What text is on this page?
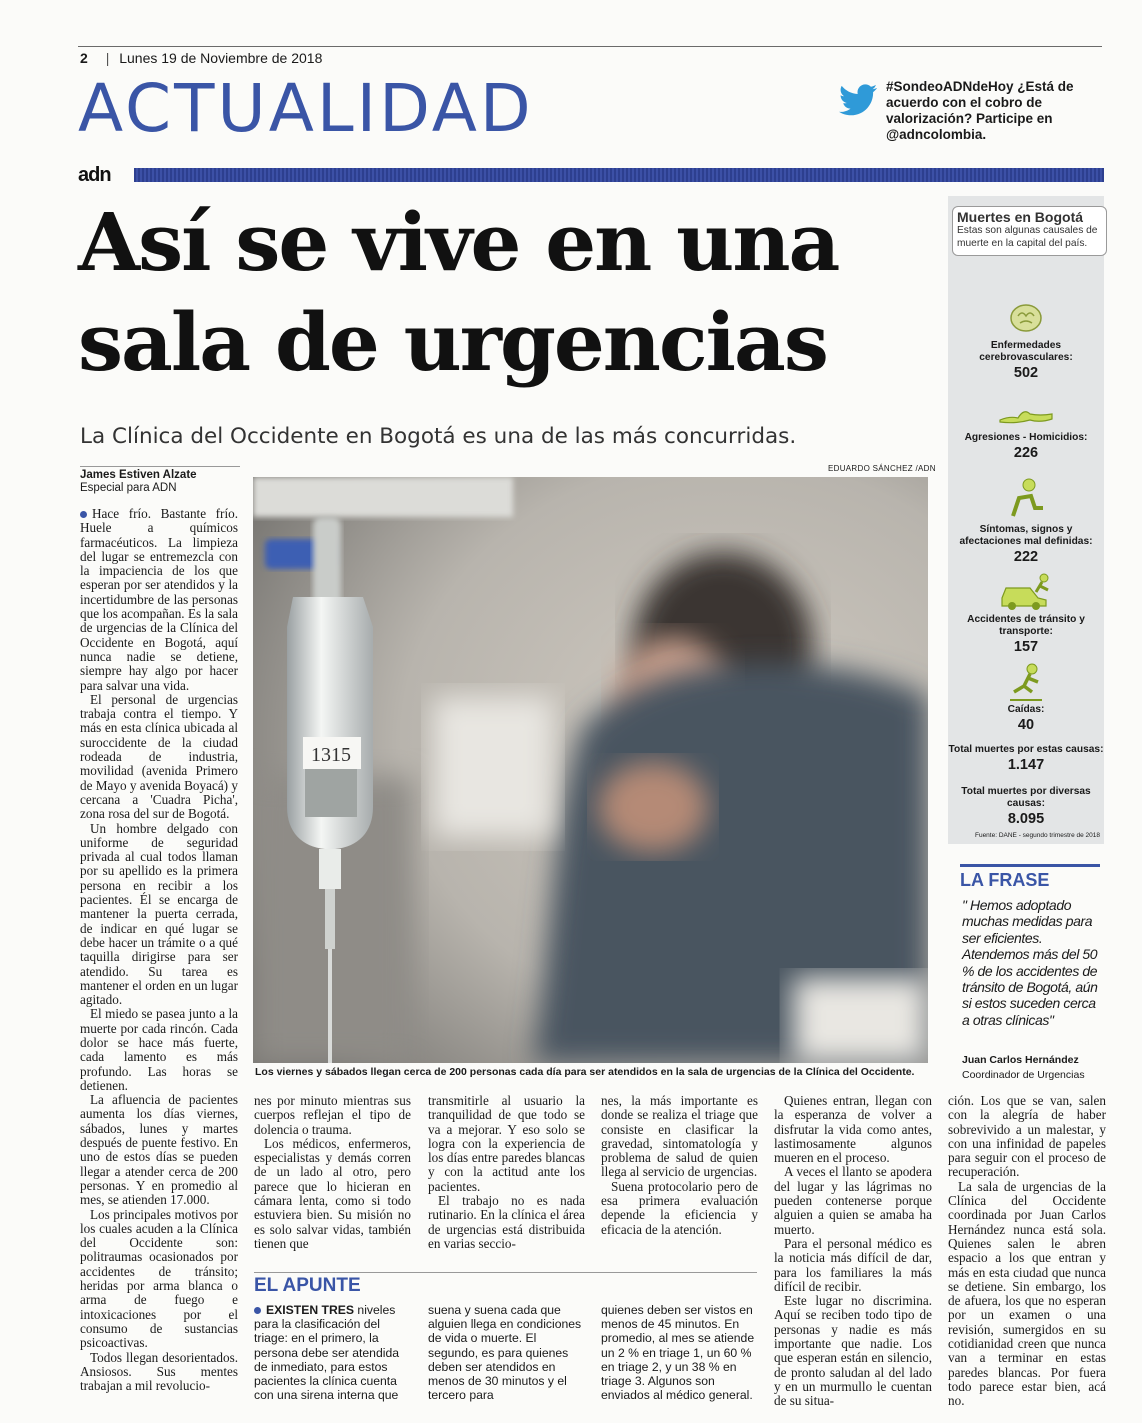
2 | Lunes 19 de Noviembre de 2018
ACTUALIDAD	#SondeoADNdeHoy ¿Está de acuerdo con el cobro de valorización? Participe en @adncolombia.
adn
Así se vive en una
sala de urgencias
La Clínica del Occidente en Bogotá es una de las más concurridas.
James Estiven Alzate
Especial para ADN
EDUARDO SÁNCHEZ /ADN
1315
Los viernes y sábados llegan cerca de 200 personas cada día para ser atendidos en la sala de urgencias de la Clínica del Occidente.

Hace frío. Bastante frío. Huele a químicos farmacéuticos. La limpieza del lugar se entremezcla con la impaciencia de los que esperan por ser atendidos y la incertidumbre de las personas que los acompañan. Es la sala de urgencias de la Clínica del Occidente en Bogotá, aquí nunca nadie se detiene, siempre hay algo por hacer para salvar una vida.

El personal de urgencias trabaja contra el tiempo. Y más en esta clínica ubicada al suroccidente de la ciudad rodeada de industria, movilidad (avenida Primero de Mayo y avenida Boyacá) y cercana a 'Cuadra Picha', zona rosa del sur de Bogotá.

Un hombre delgado con uniforme de seguridad privada al cual todos llaman por su apellido es la primera persona en recibir a los pacientes. Él se encarga de mantener la puerta cerrada, de indicar en qué lugar se debe hacer un trámite o a qué taquilla dirigirse para ser atendido. Su tarea es mantener el orden en un lugar agitado.

El miedo se pasea junto a la muerte por cada rincón. Cada dolor se hace más fuerte, cada lamento es más profundo. Las horas se detienen.

La afluencia de pacientes aumenta los días viernes, sábados, lunes y martes después de puente festivo. En uno de estos días se pueden llegar a atender cerca de 200 personas. Y en promedio al mes, se atienden 17.000.

Los principales motivos por los cuales acuden a la Clínica del Occidente son: politraumas ocasionados por accidentes de tránsito; heridas por arma blanca o arma de fuego e intoxicaciones por el consumo de sustancias psicoactivas.

Todos llegan desorientados. Ansiosos. Sus mentes trabajan a mil revolucio-

nes por minuto mientras sus cuerpos reflejan el tipo de dolencia o trauma.

Los médicos, enfermeros, especialistas y demás corren de un lado al otro, pero parece que lo hicieran en cámara lenta, como si todo estuviera bien. Su misión no es solo salvar vidas, también tienen que

transmitirle al usuario la tranquilidad de que todo se va a mejorar. Y eso solo se logra con la experiencia de los días entre paredes blancas y con la actitud ante los pacientes.

El trabajo no es nada rutinario. En la clínica el área de urgencias está distribuida en varias seccio-

nes, la más importante es donde se realiza el triage que consiste en clasificar la gravedad, sintomatología y problema de salud de quien llega al servicio de urgencias.

Suena protocolario pero de esa primera evaluación depende la eficiencia y eficacia de la atención.

Quienes entran, llegan con la esperanza de volver a disfrutar la vida como antes, lastimosamente algunos mueren en el proceso.

A veces el llanto se apodera del lugar y las lágrimas no pueden contenerse porque alguien a quien se amaba ha muerto.

Para el personal médico es la noticia más difícil de dar, para los familiares la más difícil de recibir.

Este lugar no discrimina. Aquí se reciben todo tipo de personas y nadie es más importante que nadie. Los que esperan están en silencio, de pronto saludan al del lado y en un murmullo le cuentan de su situa-

ción. Los que se van, salen con la alegría de haber sobrevivido a un malestar, y con una infinidad de papeles para seguir con el proceso de recuperación.

La sala de urgencias de la Clínica del Occidente coordinada por Juan Carlos Hernández nunca está sola. Quienes salen le abren espacio a los que entran y más en esta ciudad que nunca se detiene. Sin embargo, los de afuera, los que no esperan por un examen o una revisión, sumergidos en su cotidianidad creen que nunca van a terminar en estas paredes blancas. Por fuera todo parece estar bien, acá no.

EL APUNTE
EXISTEN TRES niveles para la clasificación del triage: en el primero, la persona debe ser atendida de inmediato, para estos pacientes la clínica cuenta con una sirena interna que
suena y suena cada que alguien llega en condiciones de vida o muerte. El segundo, es para quienes deben ser atendidos en menos de 30 minutos y el tercero para
quienes deben ser vistos en menos de 45 minutos. En promedio, al mes se atiende un 2 % en triage 1, un 60 % en triage 2, y un 38 % en triage 3. Algunos son enviados al médico general.
Muertes en Bogotá
Estas son algunas causales de muerte en la capital del país.
Enfermedades cerebrovasculares:
502
Agresiones - Homicidios:
226
Síntomas, signos y afectaciones mal definidas:
222
Accidentes de tránsito y transporte:
157
Caídas:
40
Total muertes por estas causas:
1.147
Total muertes por diversas causas:
8.095
Fuente: DANE - segundo trimestre de 2018
LA FRASE
" Hemos adoptado muchas medidas para ser eficientes. Atendemos más del 50 % de los accidentes de tránsito de Bogotá, aún si estos suceden cerca a otras clínicas"
Juan Carlos Hernández
Coordinador de Urgencias
